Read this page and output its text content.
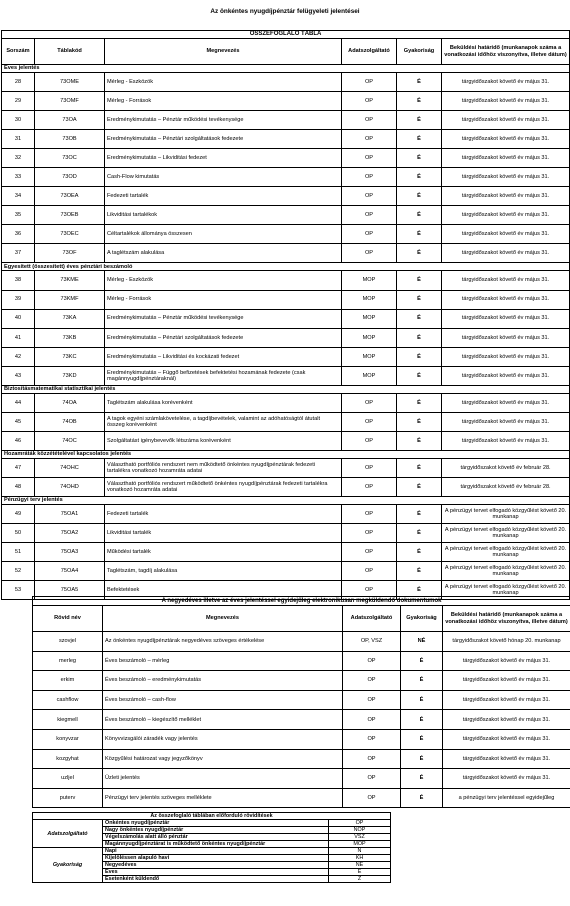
Az önkéntes nyugdíjpénztár felügyeleti jelentései
ÖSSZEFOGLALÓ TÁBLA					
Sorszám	Táblakód	Megnevezés	Adatszolgáltató	Gyakoriság	Beküldési határidő (munkanapok száma a vonatkozási időhöz viszonyítva, illetve dátum)
Éves jelentés					
28	73OME	Mérleg - Eszközök	OP	É	tárgyidőszakot követő év május 31.
29	73OMF	Mérleg - Források	OP	É	tárgyidőszakot követő év május 31.
30	73OA	Eredménykimutatás – Pénztár működési tevékenysége	OP	É	tárgyidőszakot követő év május 31.
31	73OB	Eredménykimutatás – Pénztári szolgáltatások fedezete	OP	É	tárgyidőszakot követő év május 31.
32	73OC	Eredménykimutatás – Likviditási fedezet	OP	É	tárgyidőszakot követő év május 31.
33	73OD	Cash-Flow kimutatás	OP	É	tárgyidőszakot követő év május 31.
34	73OEA	Fedezeti tartalék	OP	É	tárgyidőszakot követő év május 31.
35	73OEB	Likviditási tartalékok	OP	É	tárgyidőszakot követő év május 31.
36	73OEC	Céltartalékok állománya összesen	OP	É	tárgyidőszakot követő év május 31.
37	73OF	A taglétszám alakulása	OP	É	tárgyidőszakot követő év május 31.
Egyesített (összesített) éves pénztári beszámoló					
38	73KME	Mérleg - Eszközök	MOP	É	tárgyidőszakot követő év május 31.
39	73KMF	Mérleg - Források	MOP	É	tárgyidőszakot követő év május 31.
40	73KA	Eredménykimutatás – Pénztár működési tevékenysége	MOP	É	tárgyidőszakot követő év május 31.
41	73KB	Eredménykimutatás – Pénztári szolgáltatások fedezete	MOP	É	tárgyidőszakot követő év május 31.
42	73KC	Eredménykimutatás – Likviditási és kockázati fedezet	MOP	É	tárgyidőszakot követő év május 31.
43	73KD	Eredménykimutatás – Függő befizetések befektetési hozamának fedezete (csak magánnyugdíjpénztáraknál)	MOP	É	tárgyidőszakot követő év május 31.
Biztosításmatematikai statisztikai jelentés					
44	74OA	Taglétszám alakulása korévenként	OP	É	tárgyidőszakot követő év május 31.
45	74OB	A tagok egyéni számlakövetelése, a tagdíjbevételek, valamint az adóhatóságtól átutalt összeg korévenként	OP	É	tárgyidőszakot követő év május 31.
46	74OC	Szolgáltatást igénybevevők létszáma korévenként	OP	É	tárgyidőszakot követő év május 31.
Hozamráták közzétételével kapcsolatos jelentés					
47	74OHC	Választható portfóliós rendszert nem működtető önkéntes nyugdíjpénztárak fedezeti tartalékra vonatkozó hozamráta adatai	OP	É	tárgyidőszakot követő év február 28.
48	74OHD	Választható portfóliós rendszert működtető önkéntes nyugdíjpénztárak fedezeti tartalékra vonatkozó hozamráta adatai	OP	É	tárgyidőszakot követő év február 28.
Pénzügyi terv jelentés					
49	75OA1	Fedezeti tartalék	OP	É	A pénzügyi tervet elfogadó közgyűlést követő 20. munkanap
50	75OA2	Likviditási tartalék	OP	É	A pénzügyi tervet elfogadó közgyűlést követő 20. munkanap
51	75OA3	Működési tartalék	OP	É	A pénzügyi tervet elfogadó közgyűlést követő 20. munkanap
52	75OA4	Taglétszám, tagdíj alakulása	OP	É	A pénzügyi tervet elfogadó közgyűlést követő 20. munkanap
53	75OA5	Befektetések	OP	É	A pénzügyi tervet elfogadó közgyűlést követő 20. munkanap
A negyedéves illetve az éves jelentéssel egyidejűleg elektronikusan megküldendő dokumentumok				
Rövid név	Megnevezés	Adatszolgáltató	Gyakoriság	Beküldési határidő (munkanapok száma a vonatkozási időhöz viszonyítva, illetve dátum)
szovjel	Az önkéntes nyugdíjpénztárak negyedéves szöveges értékelése	OP, VSZ	NÉ	tárgyidőszakot követő hónap 20. munkanap
merleg	Éves beszámoló – mérleg	OP	É	tárgyidőszakot követő év május 31.
erkim	Éves beszámoló – eredménykimutatás	OP	É	tárgyidőszakot követő év május 31.
cashflow	Éves beszámoló – cash-flow	OP	É	tárgyidőszakot követő év május 31.
kiegmell	Éves beszámoló – kiegészítő melléklet	OP	É	tárgyidőszakot követő év május 31.
konyvzar	Könyvvizsgálói záradék vagy jelentés	OP	É	tárgyidőszakot követő év május 31.
kozgyhat	Közgyűlési határozat vagy jegyzőkönyv	OP	É	tárgyidőszakot követő év május 31.
uzljel	Üzleti jelentés	OP	É	tárgyidőszakot követő év május 31.
puterv	Pénzügyi terv jelentés szöveges melléklete	OP	É	a pénzügyi terv jelentéssel egyidejűleg
Az összefoglaló táblában előforduló rövidítések		
Adatszolgáltató	Önkéntes nyugdíjpénztár	OP
	Nagy önkéntes nyugdíjpénztár	NOP
	Végelszámolás alatt álló pénztár	VSZ
	Magánnyugdíjpénztárat is működtető önkéntes nyugdíjpénztár	MOP
Gyakoriság	Napi	N
	Kijelöléssen alapuló havi	KH
	Negyedéves	NÉ
	Éves	É
	Esetenként küldendő	Z
